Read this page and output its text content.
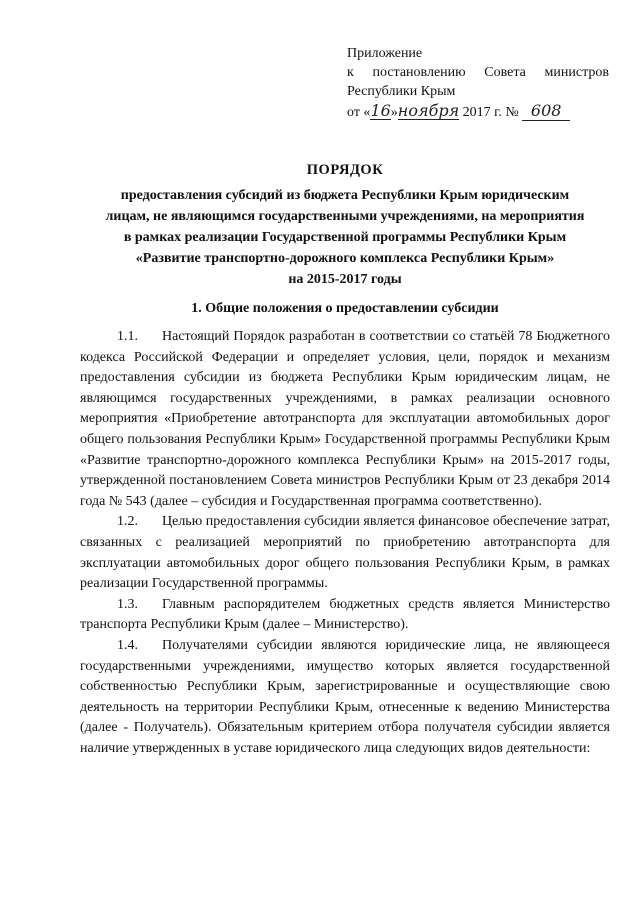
Приложение
к постановлению Совета министров
Республики Крым
от «16»ноября 2017 г. № 608
ПОРЯДОК
предоставления субсидий из бюджета Республики Крым юридическим
лицам, не являющимся государственными учреждениями, на мероприятия
в рамках реализации Государственной программы Республики Крым
«Развитие транспортно-дорожного комплекса Республики Крым»
на 2015-2017 годы
1. Общие положения о предоставлении субсидии

1.1. Настоящий Порядок разработан в соответствии со статьёй 78 Бюджетного кодекса Российской Федерации и определяет условия, цели, порядок и механизм предоставления субсидии из бюджета Республики Крым юридическим лицам, не являющимся государственных учреждениями, в рамках реализации основного мероприятия «Приобретение автотранспорта для эксплуатации автомобильных дорог общего пользования Республики Крым» Государственной программы Республики Крым «Развитие транспортно-дорожного комплекса Республики Крым» на 2015-2017 годы, утвержденной постановлением Совета министров Республики Крым от 23 декабря 2014 года № 543 (далее – субсидия и Государственная программа соответственно).

1.2. Целью предоставления субсидии является финансовое обеспечение затрат, связанных с реализацией мероприятий по приобретению автотранспорта для эксплуатации автомобильных дорог общего пользования Республики Крым, в рамках реализации Государственной программы.

1.3. Главным распорядителем бюджетных средств является Министерство транспорта Республики Крым (далее – Министерство).

1.4. Получателями субсидии являются юридические лица, не являющееся государственными учреждениями, имущество которых является государственной собственностью Республики Крым, зарегистрированные и осуществляющие свою деятельность на территории Республики Крым, отнесенные к ведению Министерства (далее - Получатель). Обязательным критерием отбора получателя субсидии является наличие утвержденных в уставе юридического лица следующих видов деятельности:
